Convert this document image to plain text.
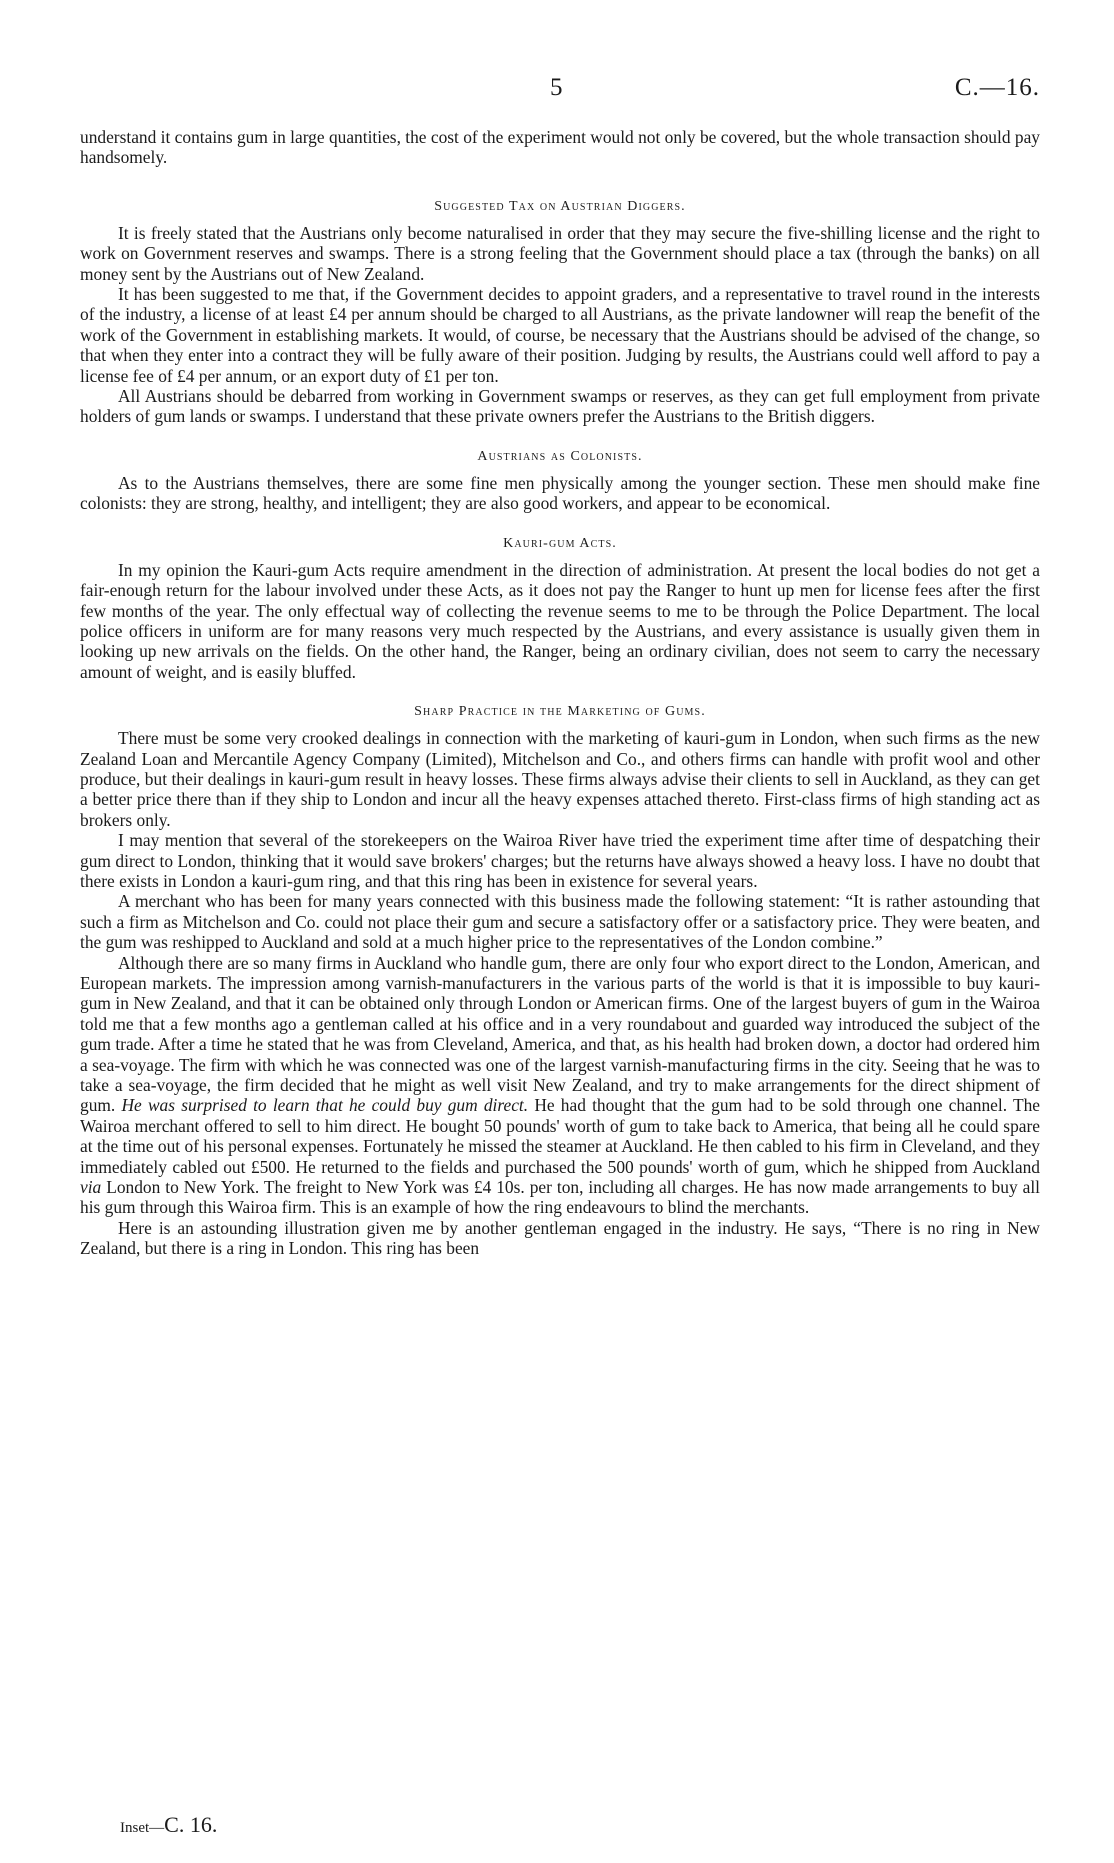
5	C.—16.

understand it contains gum in large quantities, the cost of the experiment would not only be covered, but the whole transaction should pay handsomely.

Suggested Tax on Austrian Diggers.

It is freely stated that the Austrians only become naturalised in order that they may secure the five-shilling license and the right to work on Government reserves and swamps. There is a strong feeling that the Government should place a tax (through the banks) on all money sent by the Austrians out of New Zealand.

It has been suggested to me that, if the Government decides to appoint graders, and a representative to travel round in the interests of the industry, a license of at least £4 per annum should be charged to all Austrians, as the private landowner will reap the benefit of the work of the Government in establishing markets. It would, of course, be necessary that the Austrians should be advised of the change, so that when they enter into a contract they will be fully aware of their position. Judging by results, the Austrians could well afford to pay a license fee of £4 per annum, or an export duty of £1 per ton.

All Austrians should be debarred from working in Government swamps or reserves, as they can get full employment from private holders of gum lands or swamps. I understand that these private owners prefer the Austrians to the British diggers.

Austrians as Colonists.

As to the Austrians themselves, there are some fine men physically among the younger section. These men should make fine colonists: they are strong, healthy, and intelligent; they are also good workers, and appear to be economical.

Kauri-gum Acts.

In my opinion the Kauri-gum Acts require amendment in the direction of administration. At present the local bodies do not get a fair-enough return for the labour involved under these Acts, as it does not pay the Ranger to hunt up men for license fees after the first few months of the year. The only effectual way of collecting the revenue seems to me to be through the Police Department. The local police officers in uniform are for many reasons very much respected by the Austrians, and every assistance is usually given them in looking up new arrivals on the fields. On the other hand, the Ranger, being an ordinary civilian, does not seem to carry the necessary amount of weight, and is easily bluffed.

Sharp Practice in the Marketing of Gums.

There must be some very crooked dealings in connection with the marketing of kauri-gum in London, when such firms as the new Zealand Loan and Mercantile Agency Company (Limited), Mitchelson and Co., and others firms can handle with profit wool and other produce, but their dealings in kauri-gum result in heavy losses. These firms always advise their clients to sell in Auckland, as they can get a better price there than if they ship to London and incur all the heavy expenses attached thereto. First-class firms of high standing act as brokers only.

I may mention that several of the storekeepers on the Wairoa River have tried the experiment time after time of despatching their gum direct to London, thinking that it would save brokers' charges; but the returns have always showed a heavy loss. I have no doubt that there exists in London a kauri-gum ring, and that this ring has been in existence for several years.

A merchant who has been for many years connected with this business made the following statement: “It is rather astounding that such a firm as Mitchelson and Co. could not place their gum and secure a satisfactory offer or a satisfactory price. They were beaten, and the gum was reshipped to Auckland and sold at a much higher price to the representatives of the London combine.”

Although there are so many firms in Auckland who handle gum, there are only four who export direct to the London, American, and European markets. The impression among varnish-manufacturers in the various parts of the world is that it is impossible to buy kauri-gum in New Zealand, and that it can be obtained only through London or American firms. One of the largest buyers of gum in the Wairoa told me that a few months ago a gentleman called at his office and in a very roundabout and guarded way introduced the subject of the gum trade. After a time he stated that he was from Cleveland, America, and that, as his health had broken down, a doctor had ordered him a sea-voyage. The firm with which he was connected was one of the largest varnish-manufacturing firms in the city. Seeing that he was to take a sea-voyage, the firm decided that he might as well visit New Zealand, and try to make arrangements for the direct shipment of gum. He was surprised to learn that he could buy gum direct. He had thought that the gum had to be sold through one channel. The Wairoa merchant offered to sell to him direct. He bought 50 pounds' worth of gum to take back to America, that being all he could spare at the time out of his personal expenses. Fortunately he missed the steamer at Auckland. He then cabled to his firm in Cleveland, and they immediately cabled out £500. He returned to the fields and purchased the 500 pounds' worth of gum, which he shipped from Auckland via London to New York. The freight to New York was £4 10s. per ton, including all charges. He has now made arrangements to buy all his gum through this Wairoa firm. This is an example of how the ring endeavours to blind the merchants.

Here is an astounding illustration given me by another gentleman engaged in the industry. He says, “There is no ring in New Zealand, but there is a ring in London. This ring has been

Inset—C. 16.
